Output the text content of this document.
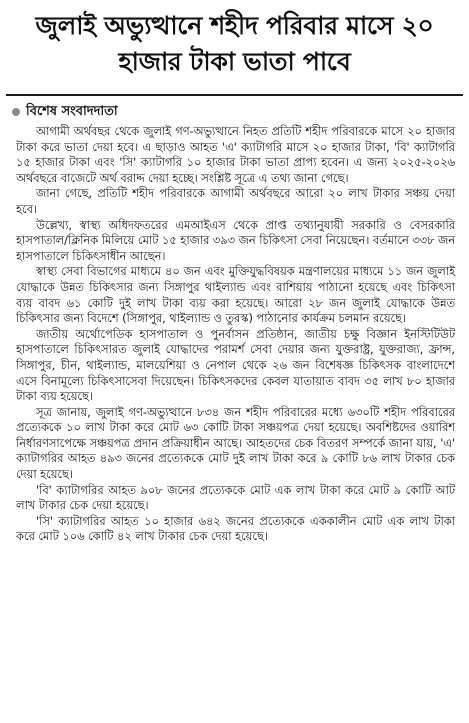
জুলাই অভ্যুত্থানে শহীদ পরিবার মাসে ২০ হাজার টাকা ভাতা পাবে
বিশেষ সংবাদদাতা

আগামী অর্থবছর থেকে জুলাই গণ-অভ্যুত্থানে নিহত প্রতিটি শহীদ পরিবারকে মাসে ২০ হাজার টাকা করে ভাতা দেয়া হবে। এ ছাড়াও আহত 'এ' ক্যাটাগরি মাসে ২০ হাজার টাকা, 'বি' ক্যাটাগরি ১৫ হাজার টাকা এবং 'সি' ক্যাটাগরি ১০ হাজার টাকা ভাতা প্রাপ্য হবেন। এ জন্য ২০২৫-২০২৬ অর্থবছরে বাজেটে অর্থ বরাদ্দ দেয়া হচ্ছে। সংশ্লিষ্ট সূত্রে এ তথ্য জানা গেছে।

জানা গেছে, প্রতিটি শহীদ পরিবারকে আগামী অর্থবছরে আরো ২০ লাখ টাকার সঞ্চয় দেয়া হবে।

উল্লেখ্য, স্বাস্থ্য অধিদফতরের এমআইএস থেকে প্রাপ্ত তথ্যানুযায়ী সরকারি ও বেসরকারি হাসপাতাল/ক্লিনিক মিলিয়ে মোট ১৫ হাজার ৩৯৩ জন চিকিৎসা সেবা নিয়েছেন। বর্তমানে ৩৩৮ জন হাসপাতালে চিকিৎসাধীন আছেন।

স্বাস্থ্য সেবা বিভাগের মাধ্যমে ৪০ জন এবং মুক্তিযুদ্ধবিষয়ক মন্ত্রণালয়ের মাধ্যমে ১১ জন জুলাই যোদ্ধাকে উন্নত চিকিৎসার জন্য সিঙ্গাপুর থাইল্যান্ড এবং রাশিয়ায় পাঠানো হয়েছে এবং চিকিৎসা ব্যয় বাবদ ৬১ কোটি দুই লাখ টাকা ব্যয় করা হয়েছে। আরো ২৮ জন জুলাই যোদ্ধাকে উন্নত চিকিৎসার জন্য বিদেশে (সিঙ্গাপুর, থাইল্যান্ড ও তুরস্ক) পাঠানোর কার্যক্রম চলমান রয়েছে।

জাতীয় অর্থোপেডিক হাসপাতাল ও পুনর্বাসন প্রতিষ্ঠান, জাতীয় চক্ষু বিজ্ঞান ইনস্টিটিউট হাসপাতালে চিকিৎসারত জুলাই যোদ্ধাদের পরামর্শ সেবা দেয়ার জন্য যুক্তরাষ্ট্র, যুক্তরাজ্য, ফ্রান্স, সিঙ্গাপুর, চীন, থাইল্যান্ড, মালয়েশিয়া ও নেপাল থেকে ২৬ জন বিশেষজ্ঞ চিকিৎসক বাংলাদেশে এসে বিনামূল্যে চিকিৎসাসেবা দিয়েছেন। চিকিৎসকদের কেবল যাতায়াত বাবদ ৩৫ লাখ ৮০ হাজার টাকা ব্যয় হয়েছে।

সূত্র জানায়, জুলাই গণ-অভ্যুত্থানে ৮৩৪ জন শহীদ পরিবারের মধ্যে ৬৩০টি শহীদ পরিবারের প্রত্যেককে ১০ লাখ টাকা করে মোট ৬৩ কোটি টাকা সঞ্চয়পত্র দেয়া হয়েছে। অবশিষ্টদের ওয়ারিশ নির্ধারণসাপেক্ষে সঞ্চয়পত্র প্রদান প্রক্রিয়াধীন আছে। আহতদের চেক বিতরণ সম্পর্কে জানা যায়, 'এ' ক্যাটাগরির আহত ৪৯৩ জনের প্রত্যেককে মোট দুই লাখ টাকা করে ৯ কোটি ৮৬ লাখ টাকার চেক দেয়া হয়েছে।

'বি' ক্যাটাগরির আহত ৯০৮ জনের প্রত্যেককে মোট এক লাখ টাকা করে মোট ৯ কোটি আট লাখ টাকার চেক দেয়া হয়েছে।

'সি' ক্যাটাগরির আহত ১০ হাজার ৬৪২ জনের প্রত্যেককে এককালীন মোট এক লাখ টাকা করে মোট ১০৬ কোটি ৪২ লাখ টাকার চেক দেয়া হয়েছে।
